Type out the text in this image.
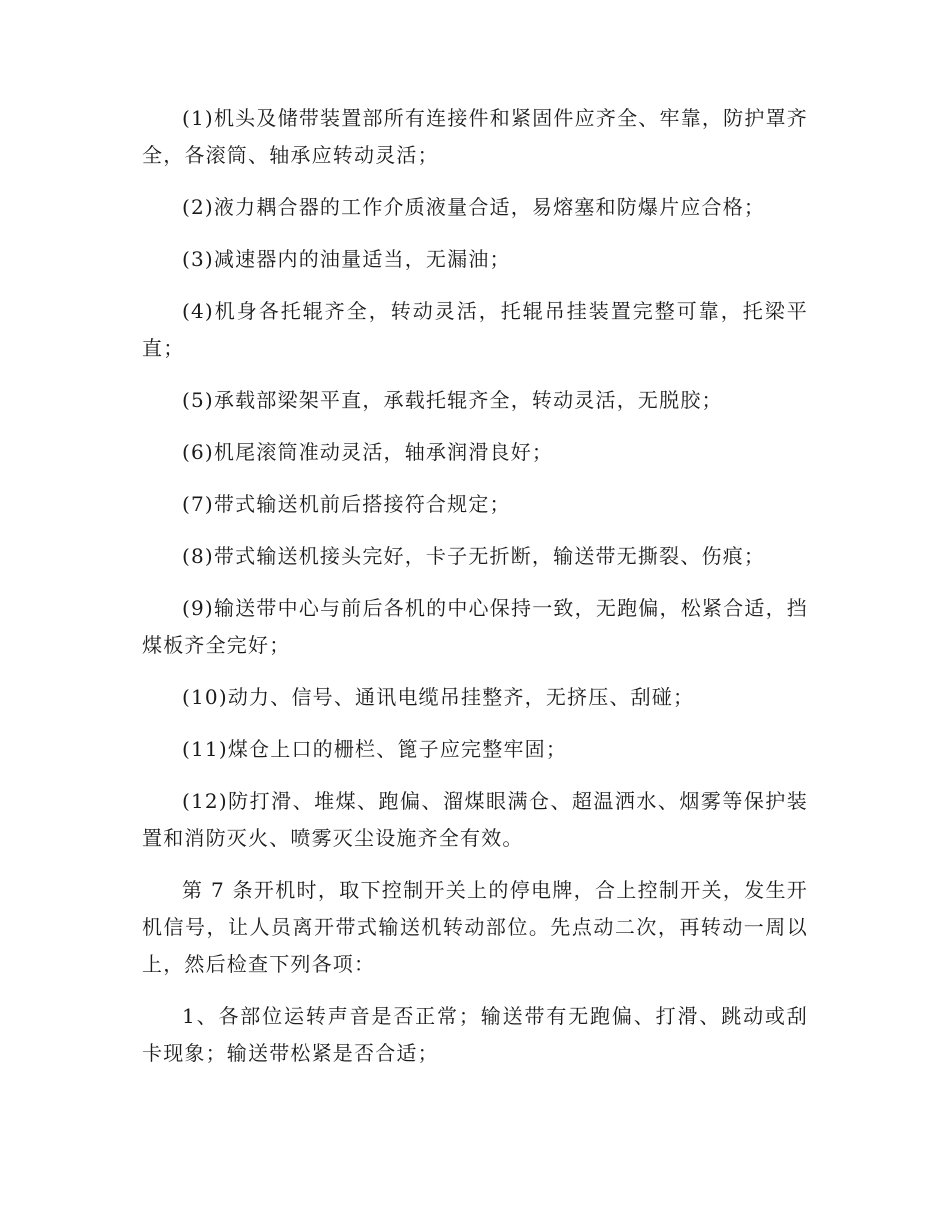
(1)机头及储带装置部所有连接件和紧固件应齐全、牢靠，防护罩齐全，各滚筒、轴承应转动灵活；

(2)液力耦合器的工作介质液量合适，易熔塞和防爆片应合格；

(3)减速器内的油量适当，无漏油；

(4)机身各托辊齐全，转动灵活，托辊吊挂装置完整可靠，托梁平直；

(5)承载部梁架平直，承载托辊齐全，转动灵活，无脱胶；

(6)机尾滚筒准动灵活，轴承润滑良好；

(7)带式输送机前后搭接符合规定；

(8)带式输送机接头完好，卡子无折断，输送带无撕裂、伤痕；

(9)输送带中心与前后各机的中心保持一致，无跑偏，松紧合适，挡煤板齐全完好；

(10)动力、信号、通讯电缆吊挂整齐，无挤压、刮碰；

(11)煤仓上口的栅栏、篦子应完整牢固；

(12)防打滑、堆煤、跑偏、溜煤眼满仓、超温洒水、烟雾等保护装置和消防灭火、喷雾灭尘设施齐全有效。

第 7 条开机时，取下控制开关上的停电牌，合上控制开关，发生开机信号，让人员离开带式输送机转动部位。先点动二次，再转动一周以上，然后检查下列各项：

1、各部位运转声音是否正常；输送带有无跑偏、打滑、跳动或刮卡现象；输送带松紧是否合适；
